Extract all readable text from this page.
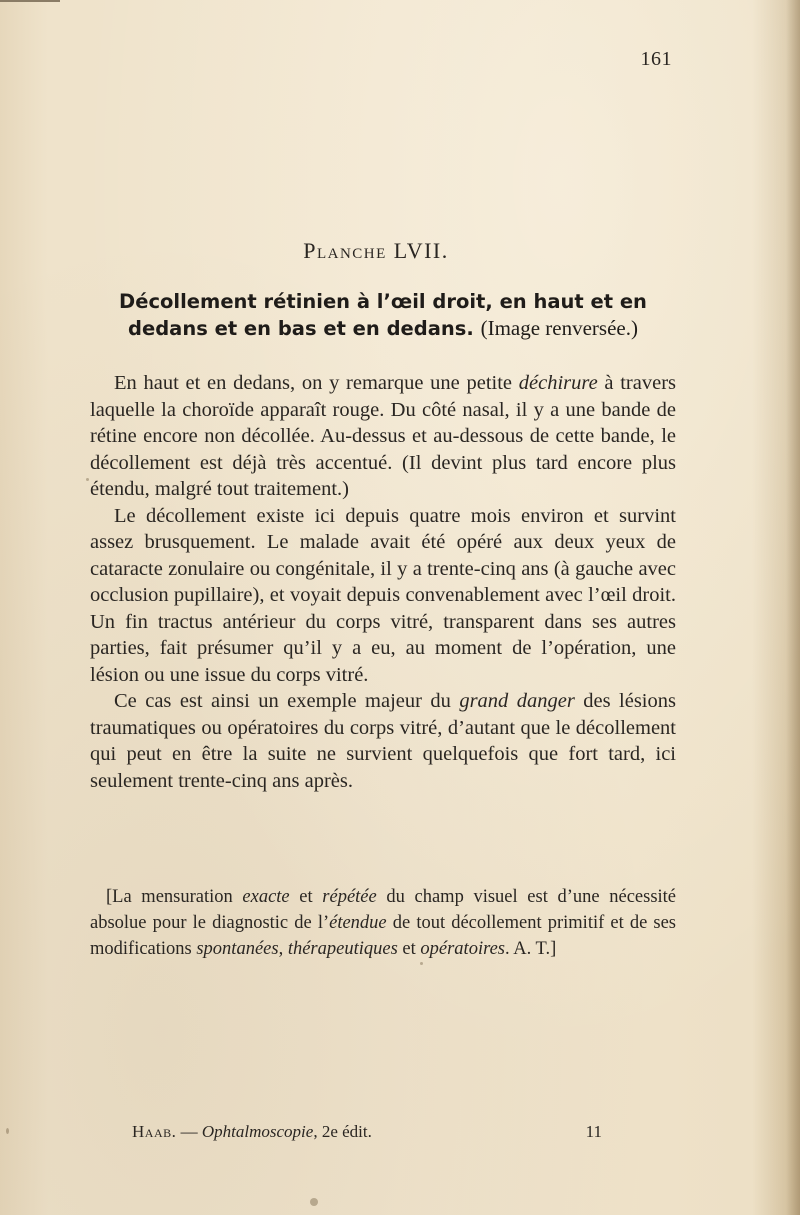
161
Planche LVII.
Décollement rétinien à l’œil droit, en haut et en dedans et en bas et en dedans. (Image renversée.)

En haut et en dedans, on y remarque une petite déchirure à travers laquelle la choroïde apparaît rouge. Du côté nasal, il y a une bande de rétine encore non décollée. Au-dessus et au-dessous de cette bande, le décollement est déjà très accentué. (Il devint plus tard encore plus étendu, malgré tout traitement.)

Le décollement existe ici depuis quatre mois environ et survint assez brusquement. Le malade avait été opéré aux deux yeux de cataracte zonulaire ou congénitale, il y a trente-cinq ans (à gauche avec occlusion pupillaire), et voyait depuis convenablement avec l’œil droit. Un fin tractus antérieur du corps vitré, transparent dans ses autres parties, fait présumer qu’il y a eu, au moment de l’opération, une lésion ou une issue du corps vitré.

Ce cas est ainsi un exemple majeur du grand danger des lésions traumatiques ou opératoires du corps vitré, d’autant que le décollement qui peut en être la suite ne survient quelquefois que fort tard, ici seulement trente-cinq ans après.

[La mensuration exacte et répétée du champ visuel est d’une nécessité absolue pour le diagnostic de l’étendue de tout décollement primitif et de ses modifications spontanées, thérapeutiques et opératoires. A. T.]

Haab. — Ophtalmoscopie, 2e édit.	11
